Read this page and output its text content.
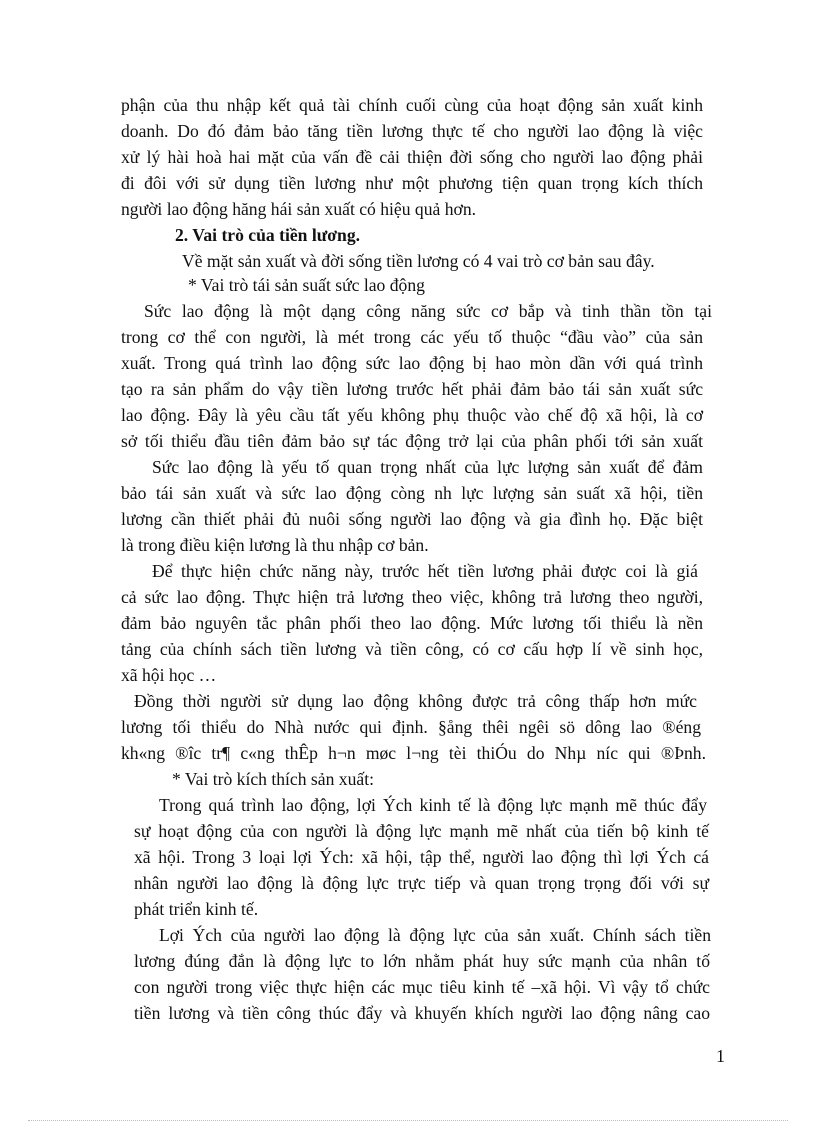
phận của thu nhập kết quả tài chính cuối cùng của hoạt động sản xuất kinh
doanh. Do đó đảm bảo tăng tiền lương thực tế cho người lao động là việc
xử lý hài hoà hai mặt của vấn đề cải thiện đời sống cho người lao động phải
đi đôi với sử dụng tiền lương như một phương tiện quan trọng kích thích
người lao động hăng hái sản xuất có hiệu quả hơn.
2. Vai trò của tiền lương.
Về mặt sản xuất và đời sống tiền lương có 4 vai trò cơ bản sau đây.
* Vai trò tái sản suất sức lao động
Sức lao động là một dạng công năng sức cơ bắp và tinh thần tồn tại
trong cơ thể con người, là mét trong các yếu tố thuộc “đầu vào” của sản
xuất. Trong quá trình lao động sức lao động bị hao mòn dần với quá trình
tạo ra sản phẩm do vậy tiền lương trước hết phải đảm bảo tái sản xuất sức
lao động. Đây là yêu cầu tất yếu không phụ thuộc vào chế độ xã hội, là cơ
sở tối thiểu đầu tiên đảm bảo sự tác động trở lại của phân phối tới sản xuất
Sức lao động là yếu tố quan trọng nhất của lực lượng sản xuất để đảm
bảo tái sản xuất và sức lao động còng nh lực lượng sản suất xã hội, tiền
lương cần thiết phải đủ nuôi sống người lao động và gia đình họ. Đặc biệt
là trong điều kiện lương là thu nhập cơ bản.
Để thực hiện chức năng này, trước hết tiền lương phải được coi là giá
cả sức lao động. Thực hiện trả lương theo việc, không trả lương theo người,
đảm bảo nguyên tắc phân phối theo lao động. Mức lương tối thiểu là nền
tảng của chính sách tiền lương và tiền công, có cơ cấu hợp lí về sinh học,
xã hội học …
Đồng thời người sử dụng lao động không được trả công thấp hơn mức
lương tối thiểu do Nhà nước qui định. §ång thêi ngêi sö dông lao ®éng
kh«ng ®îc tr¶ c«ng thÊp h¬n møc l¬ng tèi thiÓu do Nhµ níc qui ®Þnh.
* Vai trò kích thích sản xuất:
Trong quá trình lao động, lợi Ých kinh tế là động lực mạnh mẽ thúc đẩy
sự hoạt động của con người là động lực mạnh mẽ nhất của tiến bộ kinh tế
xã hội. Trong 3 loại lợi Ých: xã hội, tập thể, người lao động thì lợi Ých cá
nhân người lao động là động lực trực tiếp và quan trọng trọng đối với sự
phát triển kinh tế.
Lợi Ých của người lao động là động lực của sản xuất. Chính sách tiền
lương đúng đắn là động lực to lớn nhằm phát huy sức mạnh của nhân tố
con người trong việc thực hiện các mục tiêu kinh tế –xã hội. Vì vậy tổ chức
tiền lương và tiền công thúc đẩy và khuyến khích người lao động nâng cao
1
